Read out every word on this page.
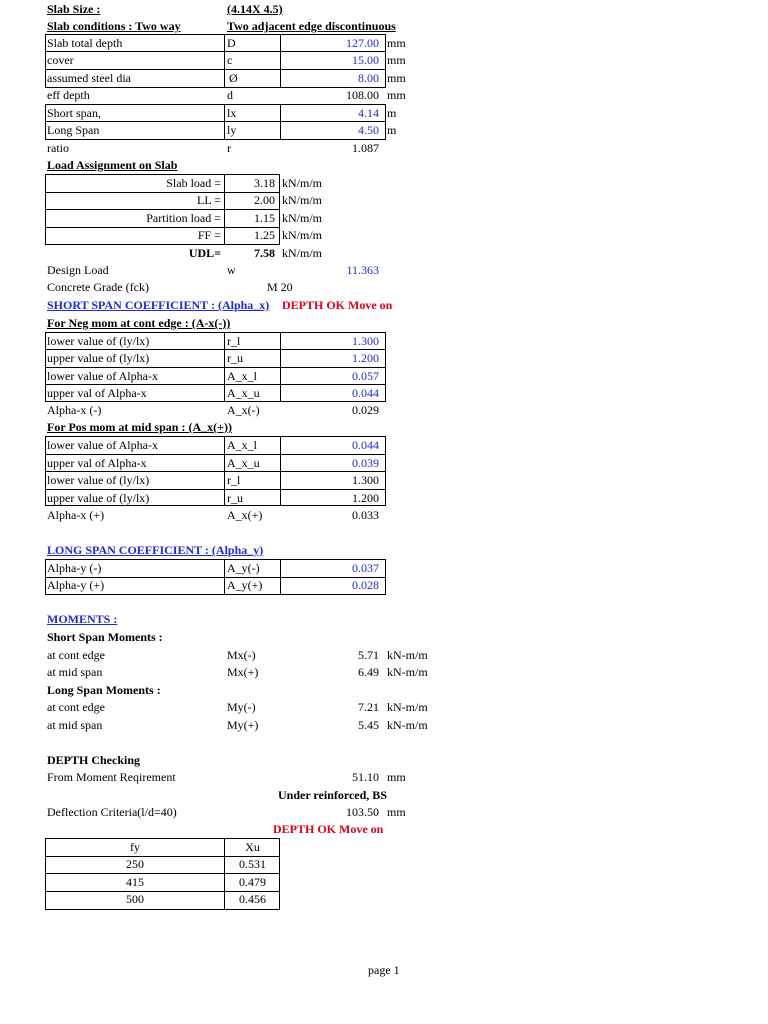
Slab Size :	(4.14X 4.5)
Slab conditions : Two way	Two adjacent edge discontinuous
Slab total depth	D	127.00 mm
cover	c	15.00 mm
assumed steel dia	Ø	8.00 mm
eff depth	d	108.00 mm
Short span,	lx	4.14 m
Long Span	ly	4.50 m
ratio	r	1.087
Load Assignment on Slab
Slab load =	3.18 kN/m/m
LL =	2.00 kN/m/m
Partition load =	1.15 kN/m/m
FF =	1.25 kN/m/m
UDL=	7.58 kN/m/m
Design Load	w	11.363
Concrete Grade (fck)	M 20
SHORT SPAN COEFFICIENT : (Alpha_x)	DEPTH OK Move on
For Neg mom at cont edge : (A-x(-))
lower value of (ly/lx)	r_l	1.300
upper value of (ly/lx)	r_u	1.200
lower value of Alpha-x	A_x_l	0.057
upper val of Alpha-x	A_x_u	0.044
Alpha-x (-)	A_x(-)	0.029
For Pos mom at mid span : (A_x(+))
lower value of Alpha-x	A_x_l	0.044
upper val of Alpha-x	A_x_u	0.039
lower value of (ly/lx)	r_l	1.300
upper value of (ly/lx)	r_u	1.200
Alpha-x (+)	A_x(+)	0.033
LONG SPAN COEFFICIENT : (Alpha_y)
Alpha-y (-)	A_y(-)	0.037
Alpha-y (+)	A_y(+)	0.028
MOMENTS :
Short Span Moments :
at cont edge	Mx(-)	5.71 kN-m/m
at mid span	Mx(+)	6.49 kN-m/m
Long Span Moments :
at cont edge	My(-)	7.21 kN-m/m
at mid span	My(+)	5.45 kN-m/m
DEPTH Checking
From Moment Reqirement	51.10 mm
Under reinforced, BS
Deflection Criteria(l/d=40)	103.50 mm
DEPTH OK Move on
fy	Xu
250	0.531
415	0.479
500	0.456
page 1
